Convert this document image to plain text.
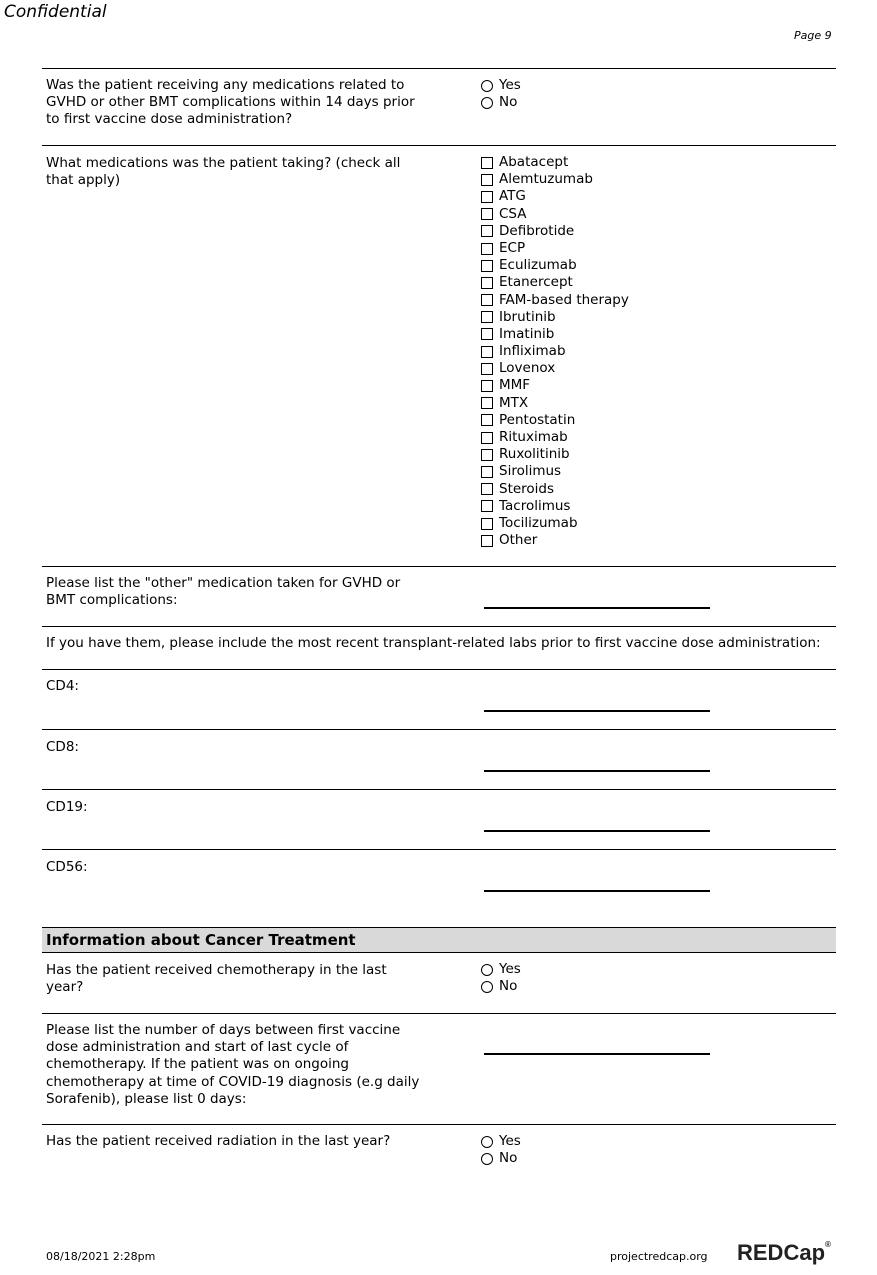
Confidential
Page 9
Was the patient receiving any medications related to GVHD or other BMT complications within 14 days prior to first vaccine dose administration?
Yes
No
What medications was the patient taking? (check all that apply)
Abatacept
Alemtuzumab
ATG
CSA
Defibrotide
ECP
Eculizumab
Etanercept
FAM-based therapy
Ibrutinib
Imatinib
Infliximab
Lovenox
MMF
MTX
Pentostatin
Rituximab
Ruxolitinib
Sirolimus
Steroids
Tacrolimus
Tocilizumab
Other
Please list the "other" medication taken for GVHD or BMT complications:
If you have them, please include the most recent transplant-related labs prior to first vaccine dose administration:
CD4:
CD8:
CD19:
CD56:
Information about Cancer Treatment
Has the patient received chemotherapy in the last year?
Yes
No
Please list the number of days between first vaccine dose administration and start of last cycle of chemotherapy. If the patient was on ongoing chemotherapy at time of COVID-19 diagnosis (e.g daily Sorafenib), please list 0 days:
Has the patient received radiation in the last year?	Yes
No
08/18/2021 2:28pm	projectredcap.org REDCap®
